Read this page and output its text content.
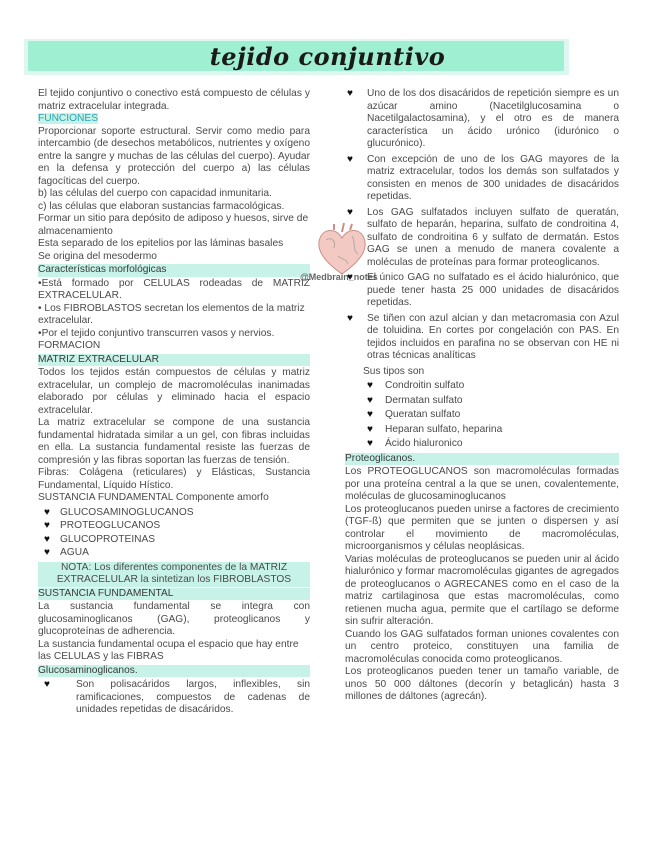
tejido conjuntivo

El tejido conjuntivo o conectivo está compuesto de células y matriz extracelular integrada.

FUNCIONES

Proporcionar soporte estructural. Servir como medio para intercambio (de desechos metabólicos, nutrientes y oxígeno entre la sangre y muchas de las células del cuerpo). Ayudar en la defensa y protección del cuerpo a) las células fagocíticas del cuerpo.

b) las células del cuerpo con capacidad inmunitaria.

c) las células que elaboran sustancias farmacológicas.

Formar un sitio para depósito de adiposo y huesos, sirve de almacenamiento

Esta separado de los epitelios por las láminas basales

Se origina del mesodermo

Características morfológicas

•Está formado por CELULAS rodeadas de MATRIZ EXTRACELULAR.

• Los FIBROBLASTOS secretan los elementos de la matriz extracelular.

•Por el tejido conjuntivo transcurren vasos y nervios.

FORMACION

MATRIZ EXTRACELULAR

Todos los tejidos están compuestos de células y matriz extracelular, un complejo de macromoléculas inanimadas elaborado por células y eliminado hacia el espacio extracelular.

La matriz extracelular se compone de una sustancia fundamental hidratada similar a un gel, con fibras incluidas en ella. La sustancia fundamental resiste las fuerzas de compresión y las fibras soportan las fuerzas de tensión.

Fibras: Colágena (reticulares) y Elásticas, Sustancia Fundamental, Líquido Hístico.

SUSTANCIA FUNDAMENTAL Componente amorfo

♥ GLUCOSAMINOGLUCANOS
♥ PROTEOGLUCANOS
♥ GLUCOPROTEINAS
♥ AGUA

NOTA: Los diferentes componentes de la MATRIZ EXTRACELULAR la sintetizan los FIBROBLASTOS

SUSTANCIA FUNDAMENTAL

La sustancia fundamental se integra con glucosaminoglicanos (GAG), proteoglicanos y glucoproteínas de adherencia.

La sustancia fundamental ocupa el espacio que hay entre las CELULAS y las FIBRAS

Glucosaminoglicanos.
♥ Son polisacáridos largos, inflexibles, sin ramificaciones, compuestos de cadenas de unidades repetidas de disacáridos.
@Medbrain_notes
♥ Uno de los dos disacáridos de repetición siempre es un azúcar amino (Nacetilglucosamina o Nacetilgalactosamina), y el otro es de manera característica un ácido urónico (idurónico o glucurónico).
♥ Con excepción de uno de los GAG mayores de la matriz extracelular, todos los demás son sulfatados y consisten en menos de 300 unidades de disacáridos repetidas.
♥ Los GAG sulfatados incluyen sulfato de queratán, sulfato de heparán, heparina, sulfato de condroitina 4, sulfato de condroitina 6 y sulfato de dermatán. Estos GAG se unen a menudo de manera covalente a moléculas de proteínas para formar proteoglicanos.
♥ El único GAG no sulfatado es el ácido hialurónico, que puede tener hasta 25 000 unidades de disacáridos repetidas.
♥ Se tiñen con azul alcian y dan metacromasia con Azul de toluidina. En cortes por congelación con PAS. En tejidos incluidos en parafina no se observan con HE ni otras técnicas analíticas

Sus tipos son

♥ Condroitin sulfato
♥ Dermatan sulfato
♥ Queratan sulfato
♥ Heparan sulfato, heparina
♥ Ácido hialuronico
Proteoglicanos.

Los PROTEOGLUCANOS son macromoléculas formadas por una proteína central a la que se unen, covalentemente, moléculas de glucosaminoglucanos

Los proteoglucanos pueden unirse a factores de crecimiento (TGF-ß) que permiten que se junten o dispersen y así controlar el movimiento de macromoléculas, microorganismos y células neoplásicas.

Varias moléculas de proteoglucanos se pueden unir al ácido hialurónico y formar macromoléculas gigantes de agregados de proteoglucanos o AGRECANES como en el caso de la matriz cartilaginosa que estas macromoléculas, como retienen mucha agua, permite que el cartílago se deforme sin sufrir alteración.

Cuando los GAG sulfatados forman uniones covalentes con un centro proteico, constituyen una familia de macromoléculas conocida como proteoglicanos.

Los proteoglicanos pueden tener un tamaño variable, de unos 50 000 dáltones (decorín y betaglicán) hasta 3 millones de dáltones (agrecán).
